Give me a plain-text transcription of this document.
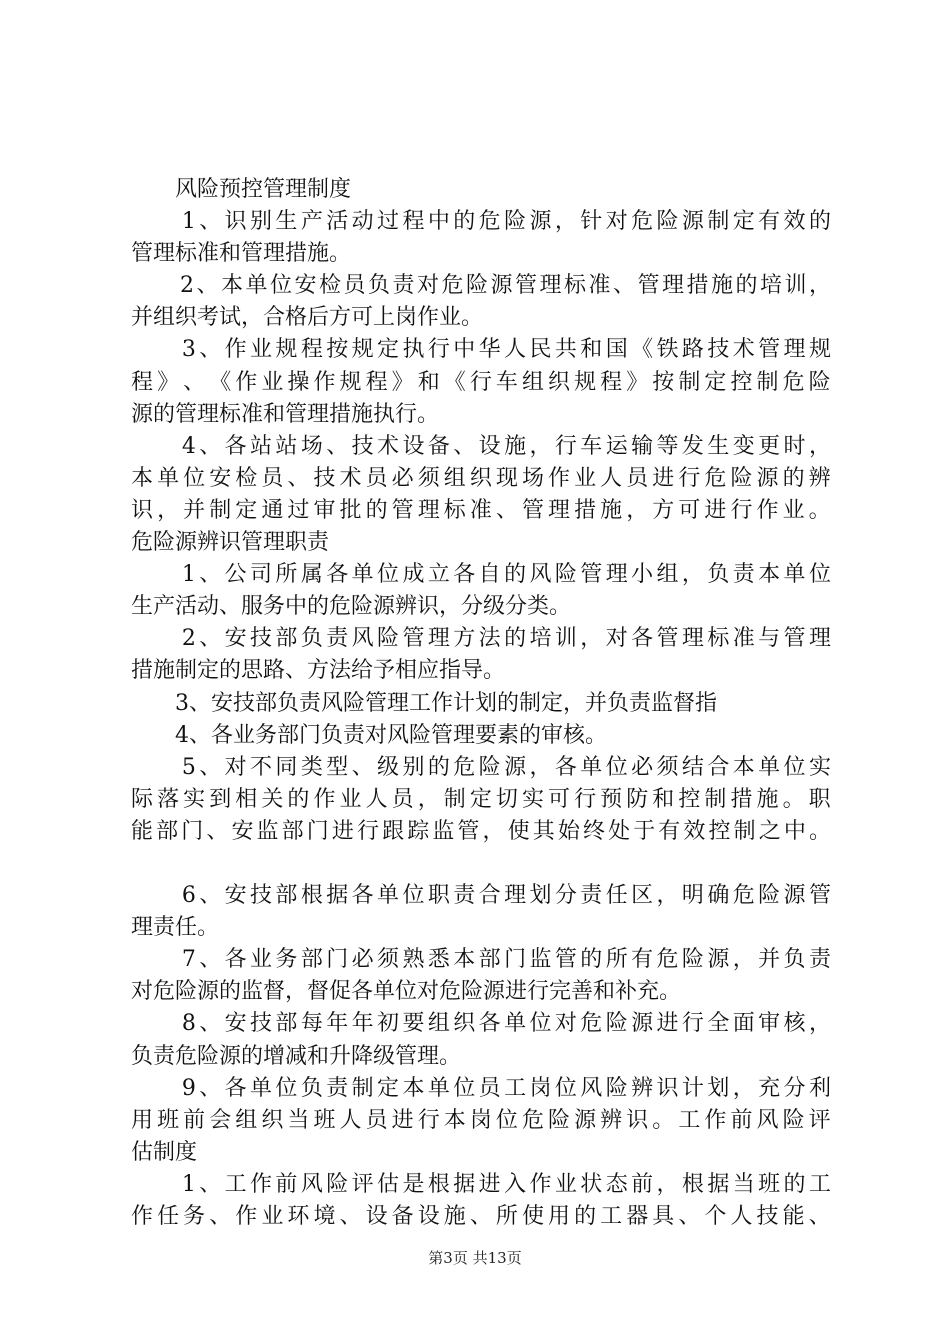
　　风险预控管理制度

1 、 识 别 生 产 活 动 过 程 中 的 危 险 源 ， 针 对 危 险 源 制 定 有 效 的
管理标准和管理措施。

2 、 本 单 位 安 检 员 负 责 对 危 险 源 管 理 标 准 、 管 理 措 施 的 培 训 ，
并组织考试，合格后方可上岗作业。

3 、 作 业 规 程 按 规 定 执 行 中 华 人 民 共 和 国 《 铁 路 技 术 管 理 规
程 》 、 《 作 业 操 作 规 程 》 和 《 行 车 组 织 规 程 》 按 制 定 控 制 危 险
源的管理标准和管理措施执行。

4 、 各 站 站 场 、 技 术 设 备 、 设 施 ， 行 车 运 输 等 发 生 变 更 时 ，
本 单 位 安 检 员 、 技 术 员 必 须 组 织 现 场 作 业 人 员 进 行 危 险 源 的 辨
识 ， 并 制 定 通 过 审 批 的 管 理 标 准 、 管 理 措 施 ， 方 可 进 行 作 业 。
危险源辨识管理职责

1 、 公 司 所 属 各 单 位 成 立 各 自 的 风 险 管 理 小 组 ， 负 责 本 单 位
生产活动、服务中的危险源辨识，分级分类。

2 、 安 技 部 负 责 风 险 管 理 方 法 的 培 训 ， 对 各 管 理 标 准 与 管 理
措施制定的思路、方法给予相应指导。
　　3、安技部负责风险管理工作计划的制定，并负责监督指
　　4、各业务部门负责对风险管理要素的审核。

5 、 对 不 同 类 型 、 级 别 的 危 险 源 ， 各 单 位 必 须 结 合 本 单 位 实
际 落 实 到 相 关 的 作 业 人 员 ， 制 定 切 实 可 行 预 防 和 控 制 措 施 。 职
能 部 门 、 安 监 部 门 进 行 跟 踪 监 管 ， 使 其 始 终 处 于 有 效 控 制 之 中 。

6 、 安 技 部 根 据 各 单 位 职 责 合 理 划 分 责 任 区 ， 明 确 危 险 源 管
理责任。

7 、 各 业 务 部 门 必 须 熟 悉 本 部 门 监 管 的 所 有 危 险 源 ， 并 负 责
对危险源的监督，督促各单位对危险源进行完善和补充。

8 、 安 技 部 每 年 年 初 要 组 织 各 单 位 对 危 险 源 进 行 全 面 审 核 ，
负责危险源的增减和升降级管理。

9 、 各 单 位 负 责 制 定 本 单 位 员 工 岗 位 风 险 辨 识 计 划 ， 充 分 利
用 班 前 会 组 织 当 班 人 员 进 行 本 岗 位 危 险 源 辨 识 。 工 作 前 风 险 评
估制度

1 、 工 作 前 风 险 评 估 是 根 据 进 入 作 业 状 态 前 ， 根 据 当 班 的 工
作 任 务 、 作 业 环 境 、 设 备 设 施 、 所 使 用 的 工 器 具 、 个 人 技 能 、
第3页 共13页
